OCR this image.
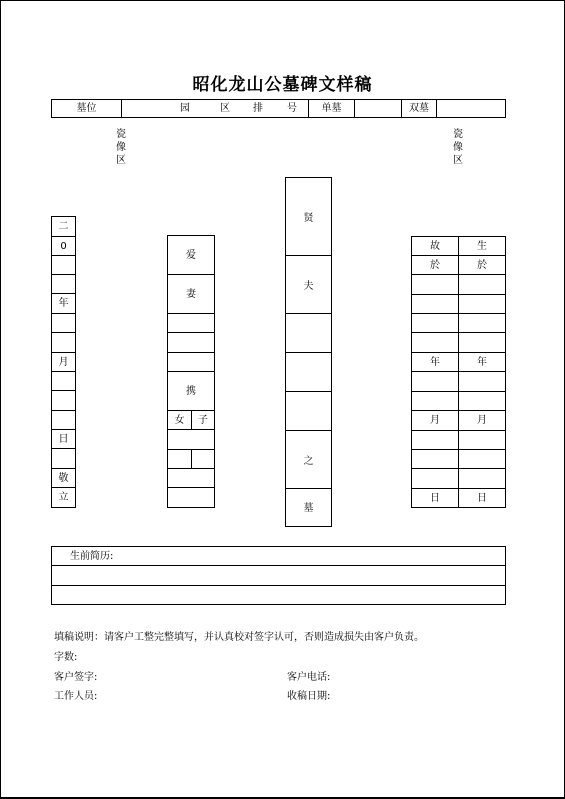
昭化龙山公墓碑文样稿
墓位	园	区 排 号	单墓	双墓
瓷
像
区
瓷
像
区
二
0
年
月
日
敬
立
爱
妻
携
女	子
贤
夫
之
墓
故	生
於	於
年	年
月	月
日	日
生前简历:
填稿说明：请客户工整完整填写，并认真校对签字认可，否则造成损失由客户负责。
字数:
客户签字:	客户电话:
工作人员:	收稿日期:
